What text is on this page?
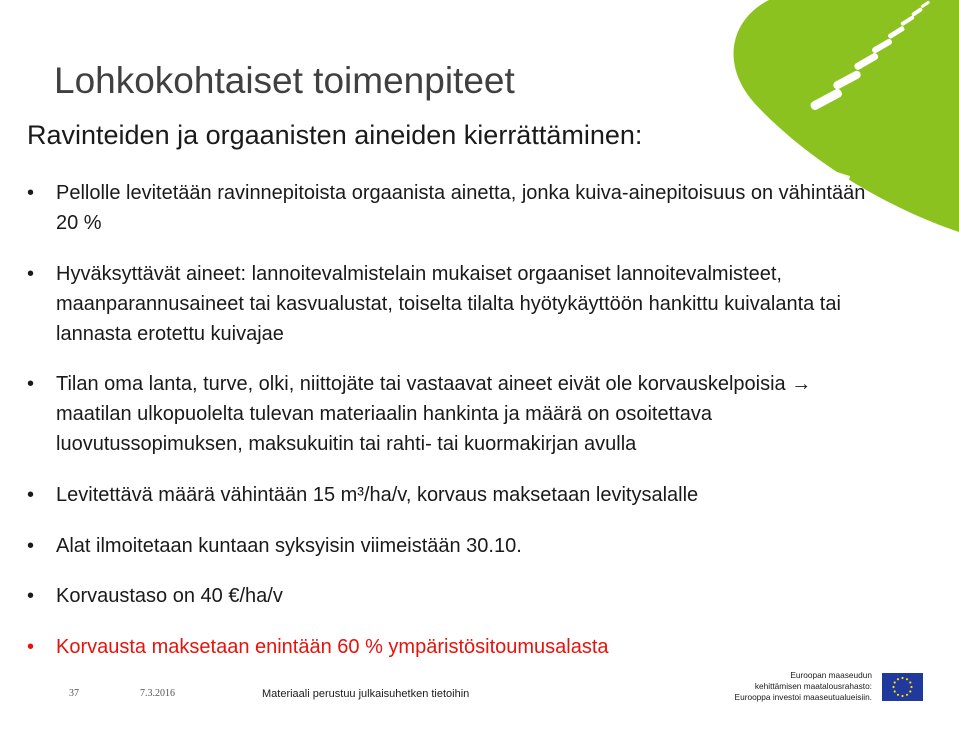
Lohkokohtaiset toimenpiteet
Ravinteiden ja orgaanisten aineiden kierrättäminen:
• Pellolle levitetään ravinnepitoista orgaanista ainetta, jonka kuiva-ainepitoisuus on vähintään 20 %
• Hyväksyttävät aineet: lannoitevalmistelain mukaiset orgaaniset lannoitevalmisteet, maanparannusaineet tai kasvualustat, toiselta tilalta hyötykäyttöön hankittu kuivalanta tai lannasta erotettu kuivajae
• Tilan oma lanta, turve, olki, niittojäte tai vastaavat aineet eivät ole korvauskelpoisia → maatilan ulkopuolelta tulevan materiaalin hankinta ja määrä on osoitettava luovutussopimuksen, maksukuitin tai rahti- tai kuormakirjan avulla
• Levitettävä määrä vähintään 15 m³/ha/v, korvaus maksetaan levitysalalle
• Alat ilmoitetaan kuntaan syksyisin viimeistään 30.10.
• Korvaustaso on 40 €/ha/v
• Korvausta maksetaan enintään 60 % ympäristösitoumusalasta
37	7.3.2016	Materiaali perustuu julkaisuhetken tietoihin
Euroopan maaseudun
kehittämisen maatalousrahasto:
Eurooppa investoi maaseutualueisiin.
